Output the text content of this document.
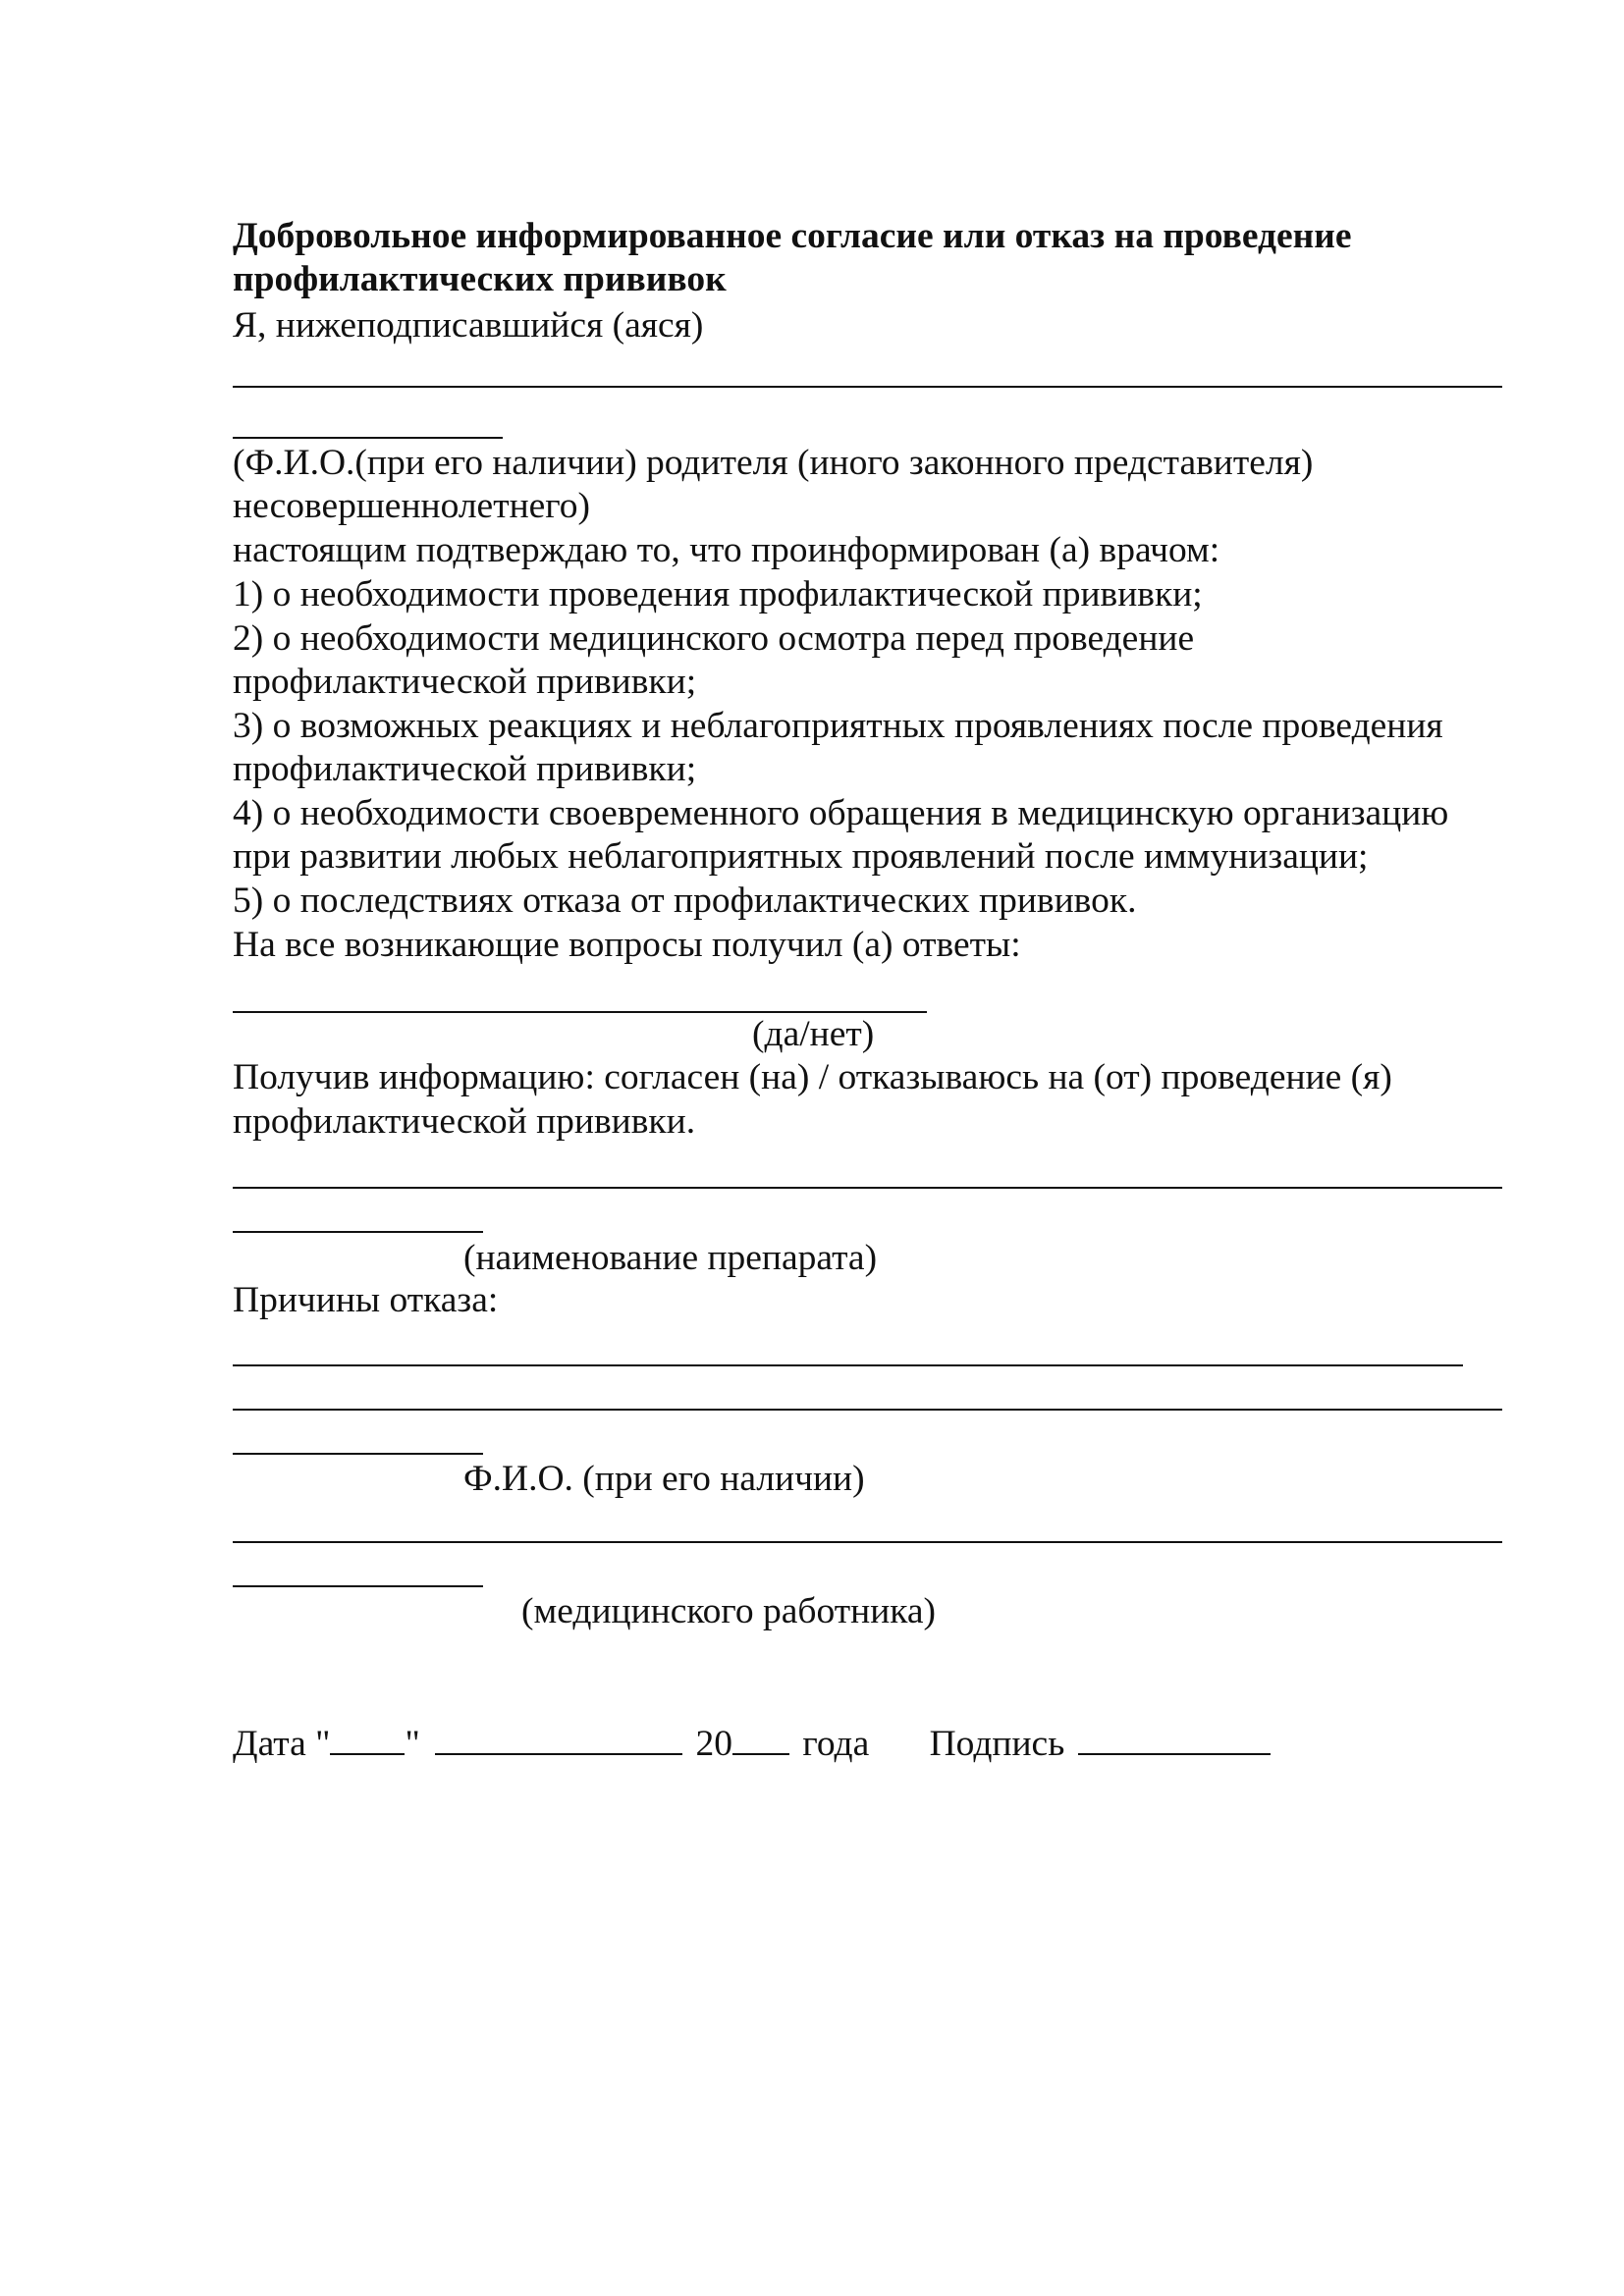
Добровольное информированное согласие или отказ на проведение

профилактических прививок

Я, нижеподписавшийся (аяся)

(Ф.И.О.(при его наличии) родителя (иного законного представителя)

несовершеннолетнего)

настоящим подтверждаю то, что проинформирован (а) врачом:

1) о необходимости проведения профилактической прививки;

2) о необходимости медицинского осмотра перед проведение

профилактической прививки;

3) о возможных реакциях и неблагоприятных проявлениях после проведения

профилактической прививки;

4) о необходимости своевременного обращения в медицинскую организацию

при развитии любых неблагоприятных проявлений после иммунизации;

5) о последствиях отказа от профилактических прививок.

На все возникающие вопросы получил (а) ответы:

(да/нет)

Получив информацию: согласен (на) / отказываюсь на (от) проведение (я)

профилактической прививки.

(наименование препарата)

Причины отказа:

Ф.И.О. (при его наличии)

(медицинского работника)

Дата " "	20 года Подпись
